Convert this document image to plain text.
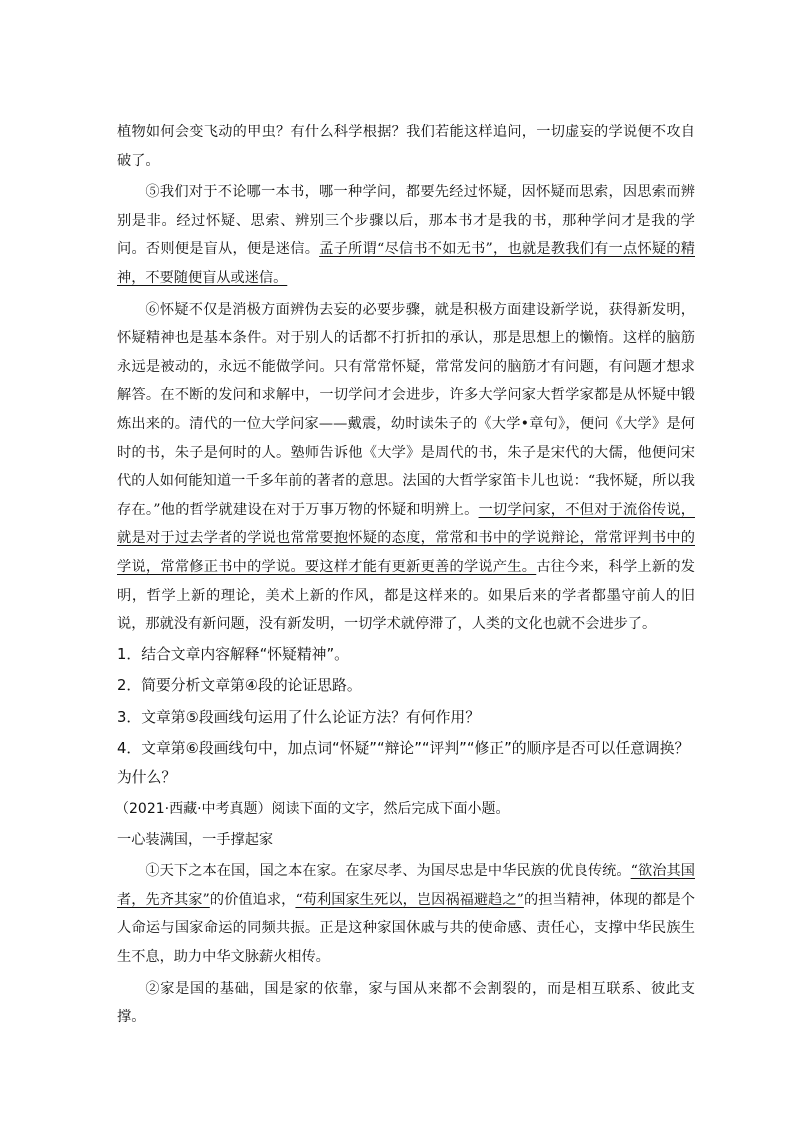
植物如何会变飞动的甲虫？有什么科学根据？我们若能这样追问，一切虚妄的学说便不攻自破了。

⑤我们对于不论哪一本书，哪一种学问，都要先经过怀疑，因怀疑而思索，因思索而辨别是非。经过怀疑、思索、辨别三个步骤以后，那本书才是我的书，那种学问才是我的学问。否则便是盲从，便是迷信。孟子所谓“尽信书不如无书”，也就是教我们有一点怀疑的精神，不要随便盲从或迷信。

⑥怀疑不仅是消极方面辨伪去妄的必要步骤，就是积极方面建设新学说，获得新发明，怀疑精神也是基本条件。对于别人的话都不打折扣的承认，那是思想上的懒惰。这样的脑筋永远是被动的，永远不能做学问。只有常常怀疑，常常发问的脑筋才有问题，有问题才想求解答。在不断的发问和求解中，一切学问才会进步，许多大学问家大哲学家都是从怀疑中锻炼出来的。清代的一位大学问家——戴震，幼时读朱子的《大学•章句》，便问《大学》是何时的书，朱子是何时的人。塾师告诉他《大学》是周代的书，朱子是宋代的大儒，他便问宋代的人如何能知道一千多年前的著者的意思。法国的大哲学家笛卡儿也说：“我怀疑，所以我存在。”他的哲学就建设在对于万事万物的怀疑和明辨上。一切学问家，不但对于流俗传说，就是对于过去学者的学说也常常要抱怀疑的态度，常常和书中的学说辩论，常常评判书中的学说，常常修正书中的学说。要这样才能有更新更善的学说产生。古往今来，科学上新的发明，哲学上新的理论，美术上新的作风，都是这样来的。如果后来的学者都墨守前人的旧说，那就没有新问题，没有新发明，一切学术就停滞了，人类的文化也就不会进步了。

1．结合文章内容解释“怀疑精神”。

2．简要分析文章第④段的论证思路。

3．文章第⑤段画线句运用了什么论证方法？有何作用？

4．文章第⑥段画线句中，加点词“怀疑”“辩论”“评判”“修正”的顺序是否可以任意调换？为什么？

（2021·西藏·中考真题）阅读下面的文字，然后完成下面小题。

一心装满国，一手撑起家

①天下之本在国，国之本在家。在家尽孝、为国尽忠是中华民族的优良传统。“欲治其国者，先齐其家”的价值追求，“苟利国家生死以，岂因祸福避趋之”的担当精神，体现的都是个人命运与国家命运的同频共振。正是这种家国休戚与共的使命感、责任心，支撑中华民族生生不息，助力中华文脉薪火相传。

②家是国的基础，国是家的依靠，家与国从来都不会割裂的，而是相互联系、彼此支撑。
